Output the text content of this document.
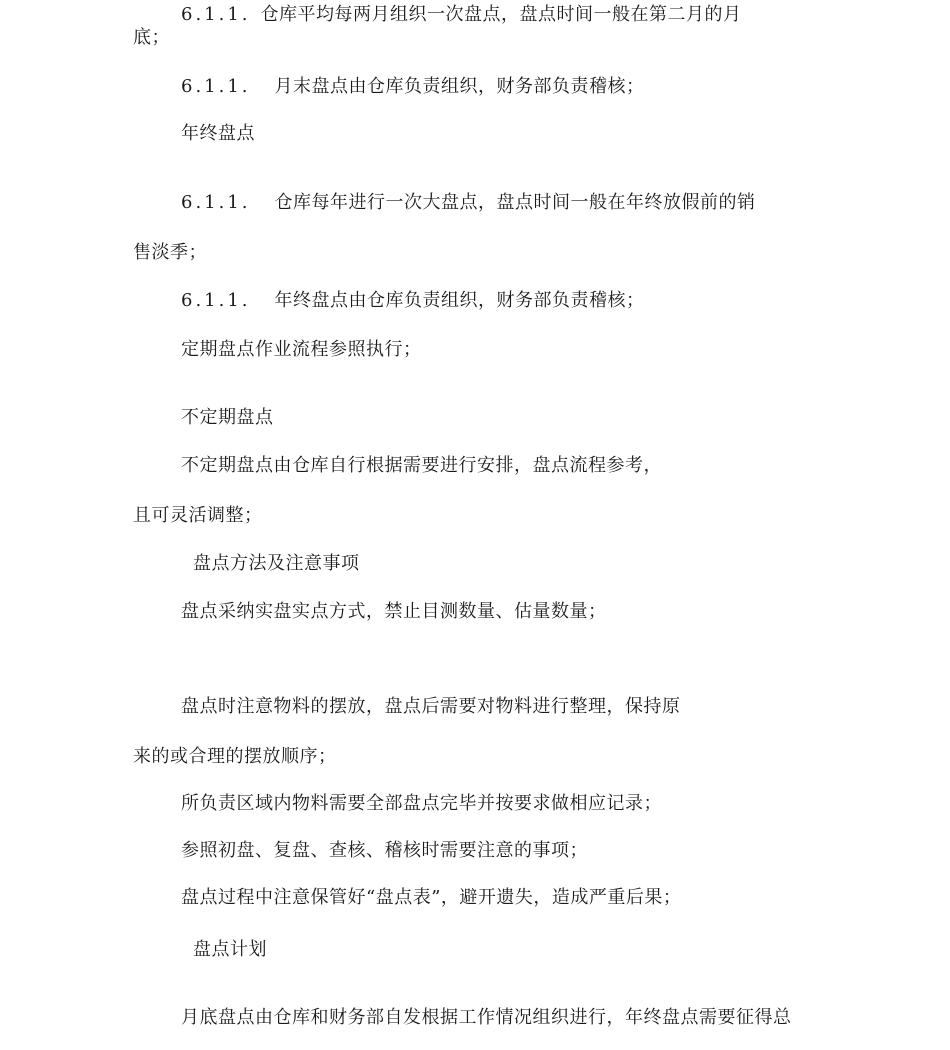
6.1.1. 仓库平均每两月组织一次盘点，盘点时间一般在第二月的月
底；
6.1.1. 月末盘点由仓库负责组织，财务部负责稽核；
年终盘点
6.1.1. 仓库每年进行一次大盘点，盘点时间一般在年终放假前的销
售淡季；
6.1.1. 年终盘点由仓库负责组织，财务部负责稽核；
定期盘点作业流程参照执行；
不定期盘点
不定期盘点由仓库自行根据需要进行安排，盘点流程参考，
且可灵活调整；
盘点方法及注意事项
盘点采纳实盘实点方式，禁止目测数量、估量数量；
盘点时注意物料的摆放，盘点后需要对物料进行整理，保持原
来的或合理的摆放顺序；
所负责区域内物料需要全部盘点完毕并按要求做相应记录；
参照初盘、复盘、查核、稽核时需要注意的事项；
盘点过程中注意保管好“盘点表”，避开遗失，造成严重后果；
盘点计划
月底盘点由仓库和财务部自发根据工作情况组织进行，年终盘点需要征得总
